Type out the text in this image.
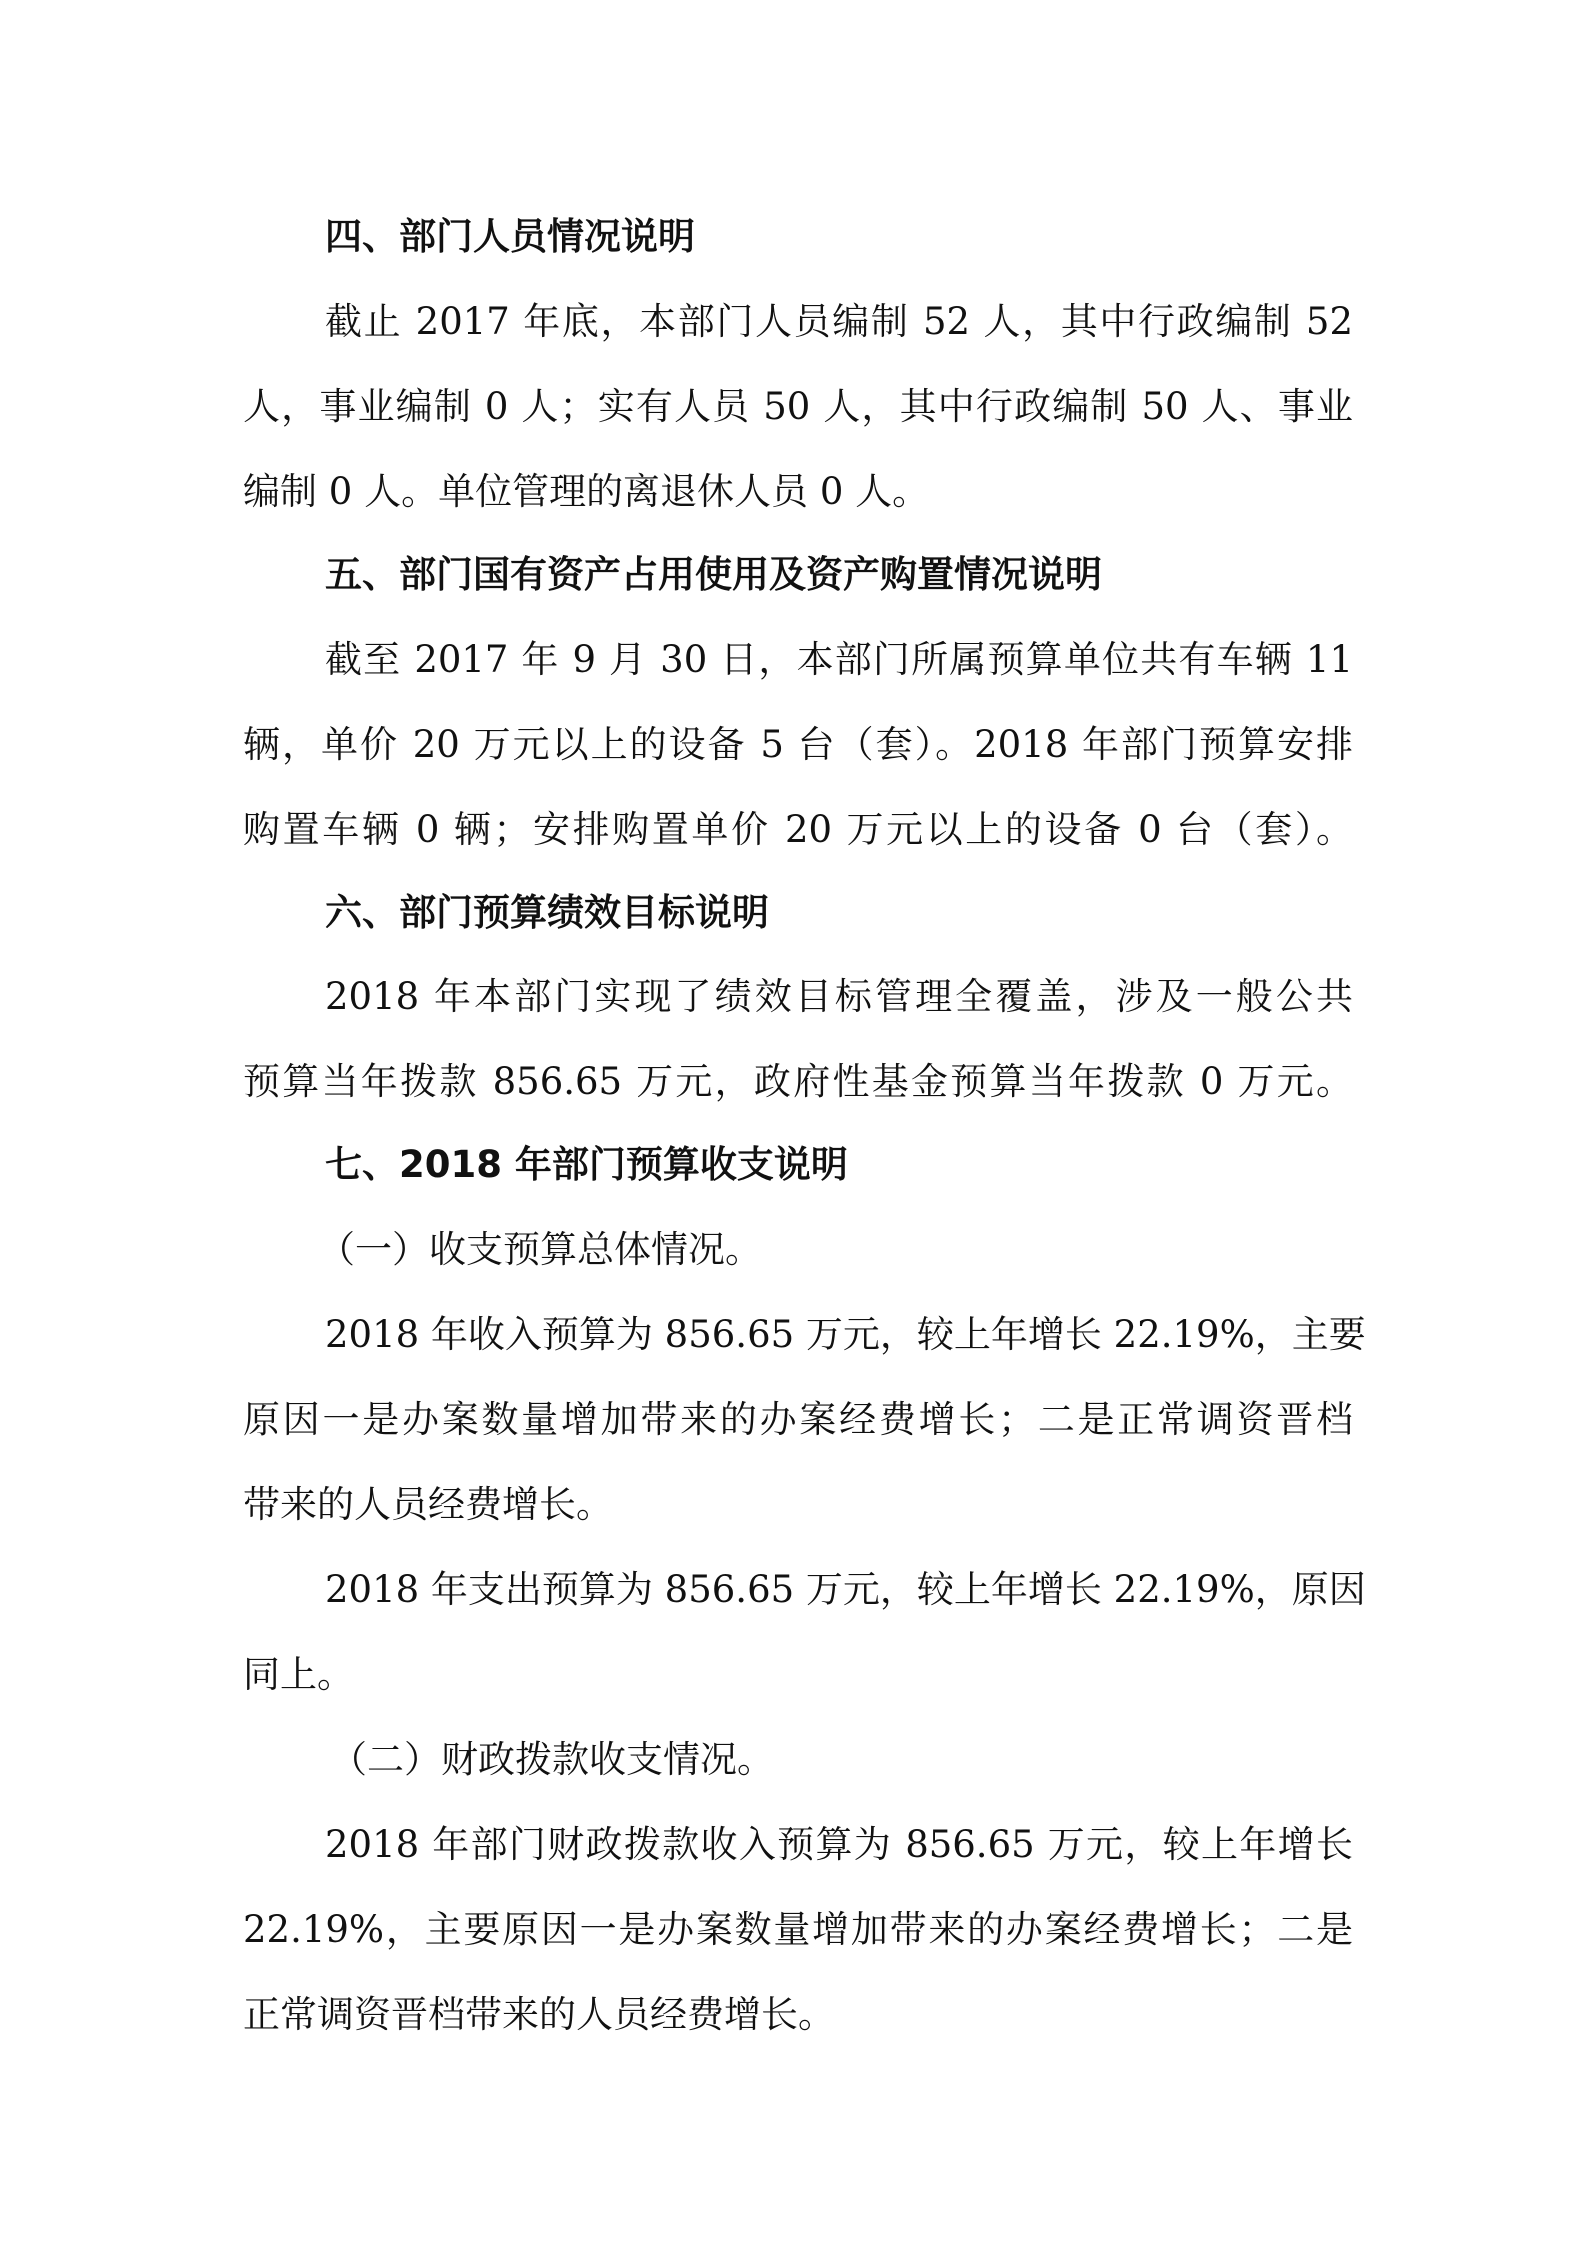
四、部门人员情况说明
截止 2017 年底，本部门人员编制 52 人，其中行政编制 52
人，事业编制 0 人；实有人员 50 人，其中行政编制 50 人、事业
编制 0 人。单位管理的离退休人员 0 人。
五、部门国有资产占用使用及资产购置情况说明
截至 2017 年 9 月 30 日，本部门所属预算单位共有车辆 11
辆，单价 20 万元以上的设备 5 台（套）。2018 年部门预算安排
购置车辆 0 辆；安排购置单价 20 万元以上的设备 0 台（套）。
六、部门预算绩效目标说明
2018 年本部门实现了绩效目标管理全覆盖，涉及一般公共
预算当年拨款 856.65 万元，政府性基金预算当年拨款 0 万元。
七、2018 年部门预算收支说明
（一）收支预算总体情况。
2018 年收入预算为 856.65 万元，较上年增长 22.19%，主要
原因一是办案数量增加带来的办案经费增长；二是正常调资晋档
带来的人员经费增长。
2018 年支出预算为 856.65 万元，较上年增长 22.19%，原因
同上。
（二）财政拨款收支情况。
2018 年部门财政拨款收入预算为 856.65 万元，较上年增长
22.19%，主要原因一是办案数量增加带来的办案经费增长；二是
正常调资晋档带来的人员经费增长。
